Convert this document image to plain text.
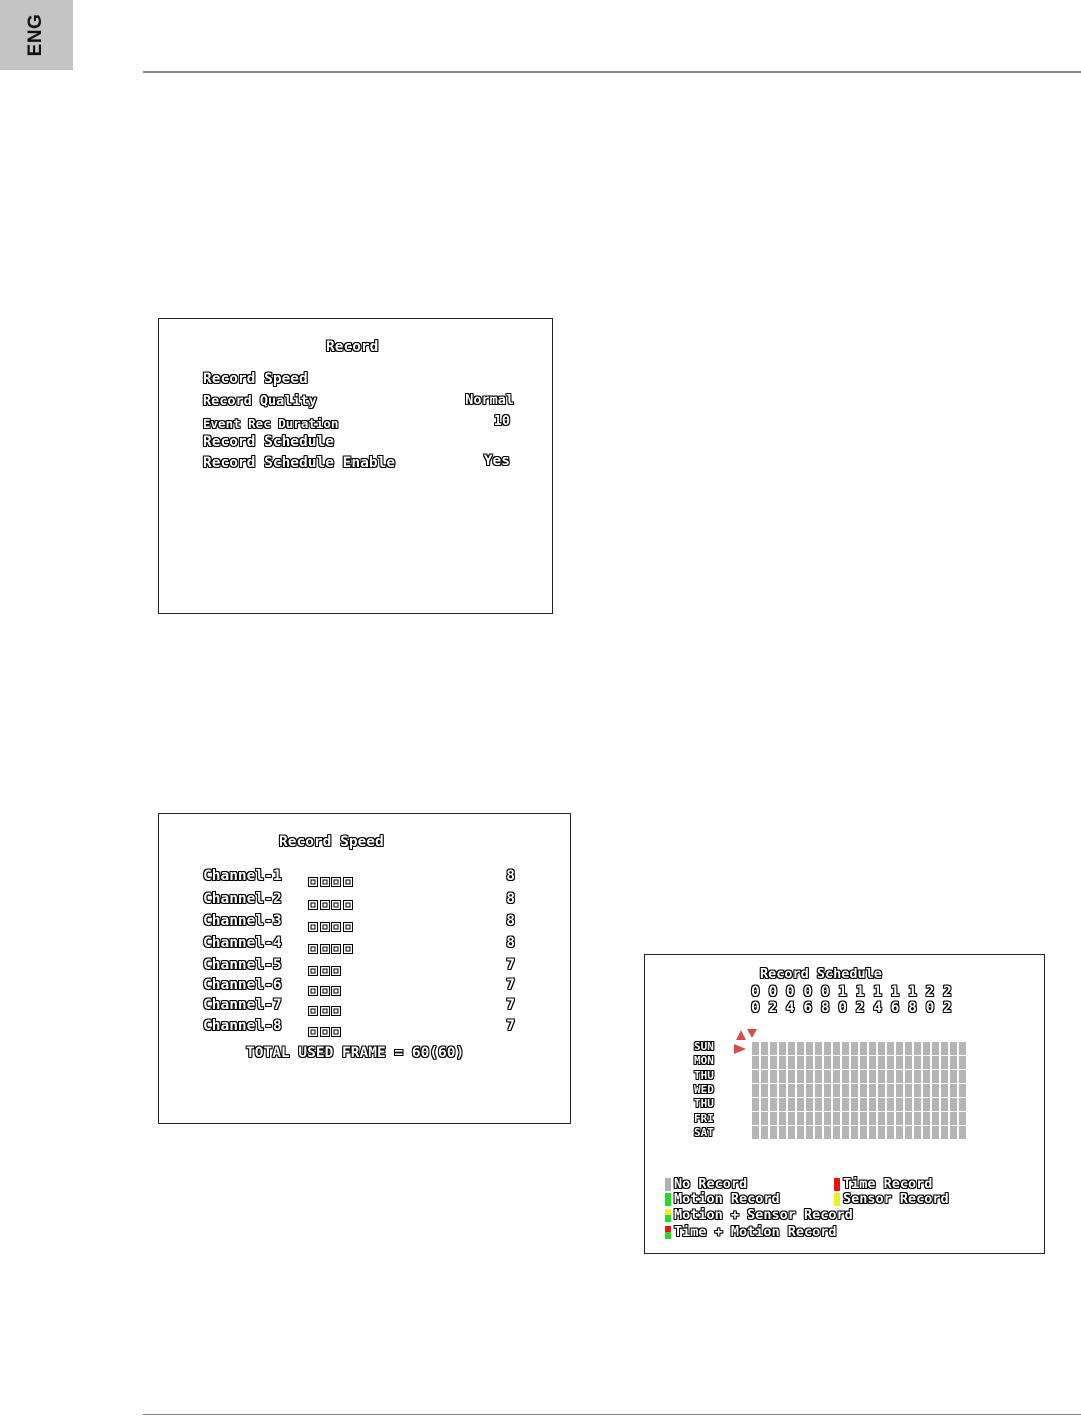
ENG
Record
Record Speed
Record Quality	Normal
Event Rec Duration	10
Record Schedule
Record Schedule Enable	Yes
Record Speed
Channel-1	8
Channel-2	8
Channel-3	8
Channel-4	8
Channel-5	7
Channel-6	7
Channel-7	7
Channel-8	7
TOTAL USED FRAME = 60(60)
Record Schedule
0 0 0 0 0 1 1 1 1 1 2 2
0 2 4 6 8 0 2 4 6 8 0 2
SUN
MON
THU
WED
THU
FRI
SAT
No Record	Time Record
Motion Record	Sensor Record
Motion + Sensor Record
Time + Motion Record
